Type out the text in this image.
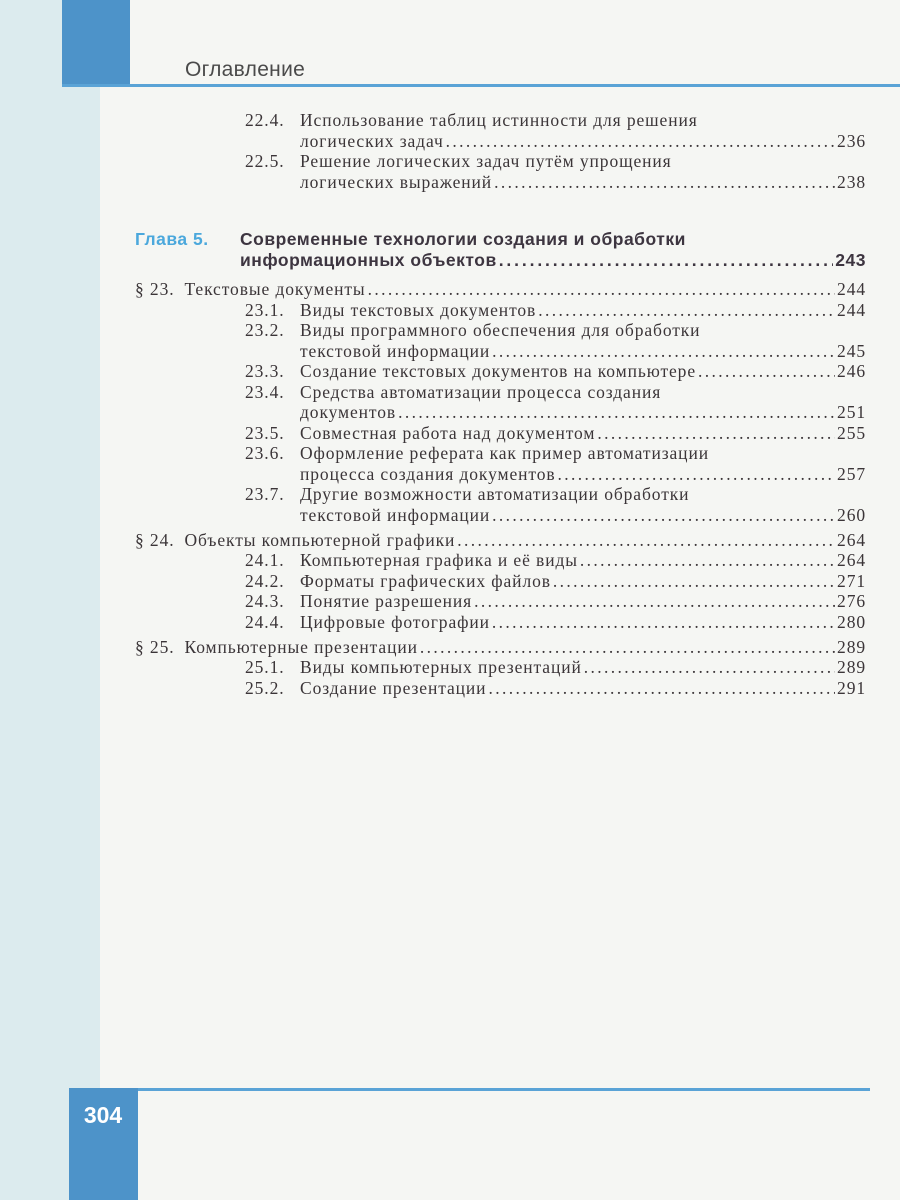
Оглавление
22.4. Использование таблиц истинности для решения
логических задач . . .	236
22.5. Решение логических задач путём упрощения
логических выражений . . .	238
Глава 5.	Современные технологии создания и обработки
информационных объектов . . .	243
§ 23. Текстовые документы . . .	244
23.1. Виды текстовых документов . . .	244
23.2. Виды программного обеспечения для обработки
текстовой информации . . .	245
23.3. Создание текстовых документов на компьютере . . .	246
23.4. Средства автоматизации процесса создания
документов . . .	251
23.5. Совместная работа над документом . . .	255
23.6. Оформление реферата как пример автоматизации
процесса создания документов . . .	257
23.7. Другие возможности автоматизации обработки
текстовой информации . . .	260
§ 24. Объекты компьютерной графики . . .	264
24.1. Компьютерная графика и её виды . . .	264
24.2. Форматы графических файлов . . .	271
24.3. Понятие разрешения . . .	276
24.4. Цифровые фотографии . . .	280
§ 25. Компьютерные презентации . . .	289
25.1. Виды компьютерных презентаций . . .	289
25.2. Создание презентации . . .	291
304
